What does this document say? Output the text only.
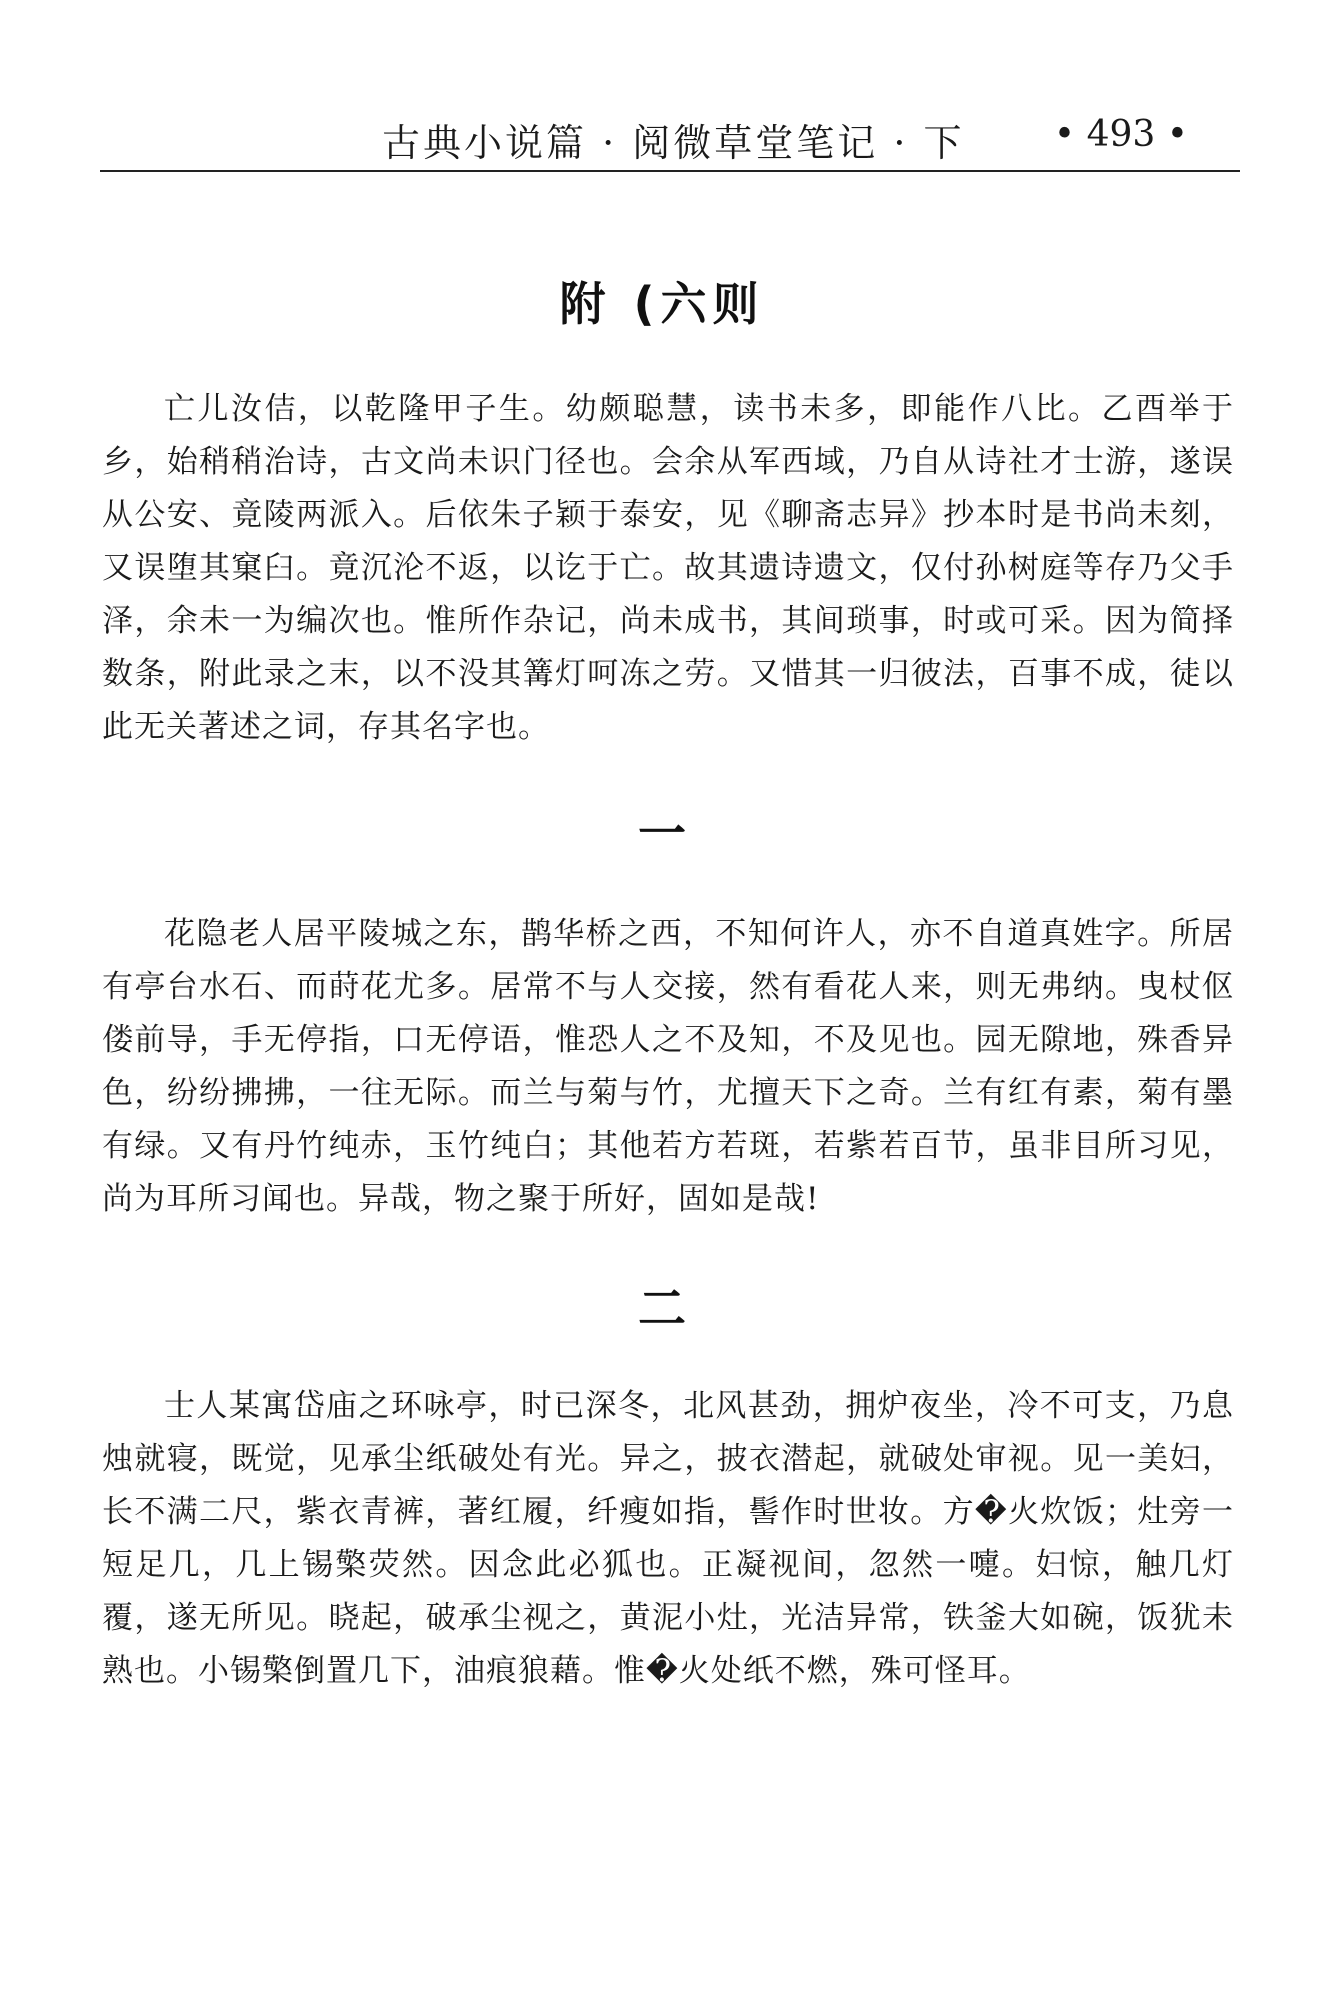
古典小说篇 · 阅微草堂笔记 · 下 • 493 •
附 (六则

亡儿汝佶，以乾隆甲子生。幼颇聪慧，读书未多，即能作八比。乙酉举于乡，始稍稍治诗，古文尚未识门径也。会余从军西域，乃自从诗社才士游，遂误从公安、竟陵两派入。后依朱子颖于泰安，见《聊斋志异》抄本时是书尚未刻，又误堕其窠臼。竟沉沦不返，以讫于亡。故其遗诗遗文，仅付孙树庭等存乃父手泽，余未一为编次也。惟所作杂记，尚未成书，其间琐事，时或可采。因为简择数条，附此录之末，以不没其篝灯呵冻之劳。又惜其一归彼法，百事不成，徒以此无关著述之词，存其名字也。

一

花隐老人居平陵城之东，鹊华桥之西，不知何许人，亦不自道真姓字。所居有亭台水石、而莳花尤多。居常不与人交接，然有看花人来，则无弗纳。曳杖伛偻前导，手无停指，口无停语，惟恐人之不及知，不及见也。园无隙地，殊香异色，纷纷拂拂，一往无际。而兰与菊与竹，尤擅天下之奇。兰有红有素，菊有墨有绿。又有丹竹纯赤，玉竹纯白；其他若方若斑，若紫若百节，虽非目所习见，尚为耳所习闻也。异哉，物之聚于所好，固如是哉!

二

士人某寓岱庙之环咏亭，时已深冬，北风甚劲，拥炉夜坐，冷不可支，乃息烛就寝，既觉，见承尘纸破处有光。异之，披衣潜起，就破处审视。见一美妇，长不满二尺，紫衣青裤，著红履，纤瘦如指，髻作时世妆。方�火炊饭；灶旁一短足几，几上锡檠荧然。因念此必狐也。正凝视间，忽然一嚏。妇惊，触几灯覆，遂无所见。晓起，破承尘视之，黄泥小灶，光洁异常，铁釜大如碗，饭犹未熟也。小锡檠倒置几下，油痕狼藉。惟�火处纸不燃，殊可怪耳。
